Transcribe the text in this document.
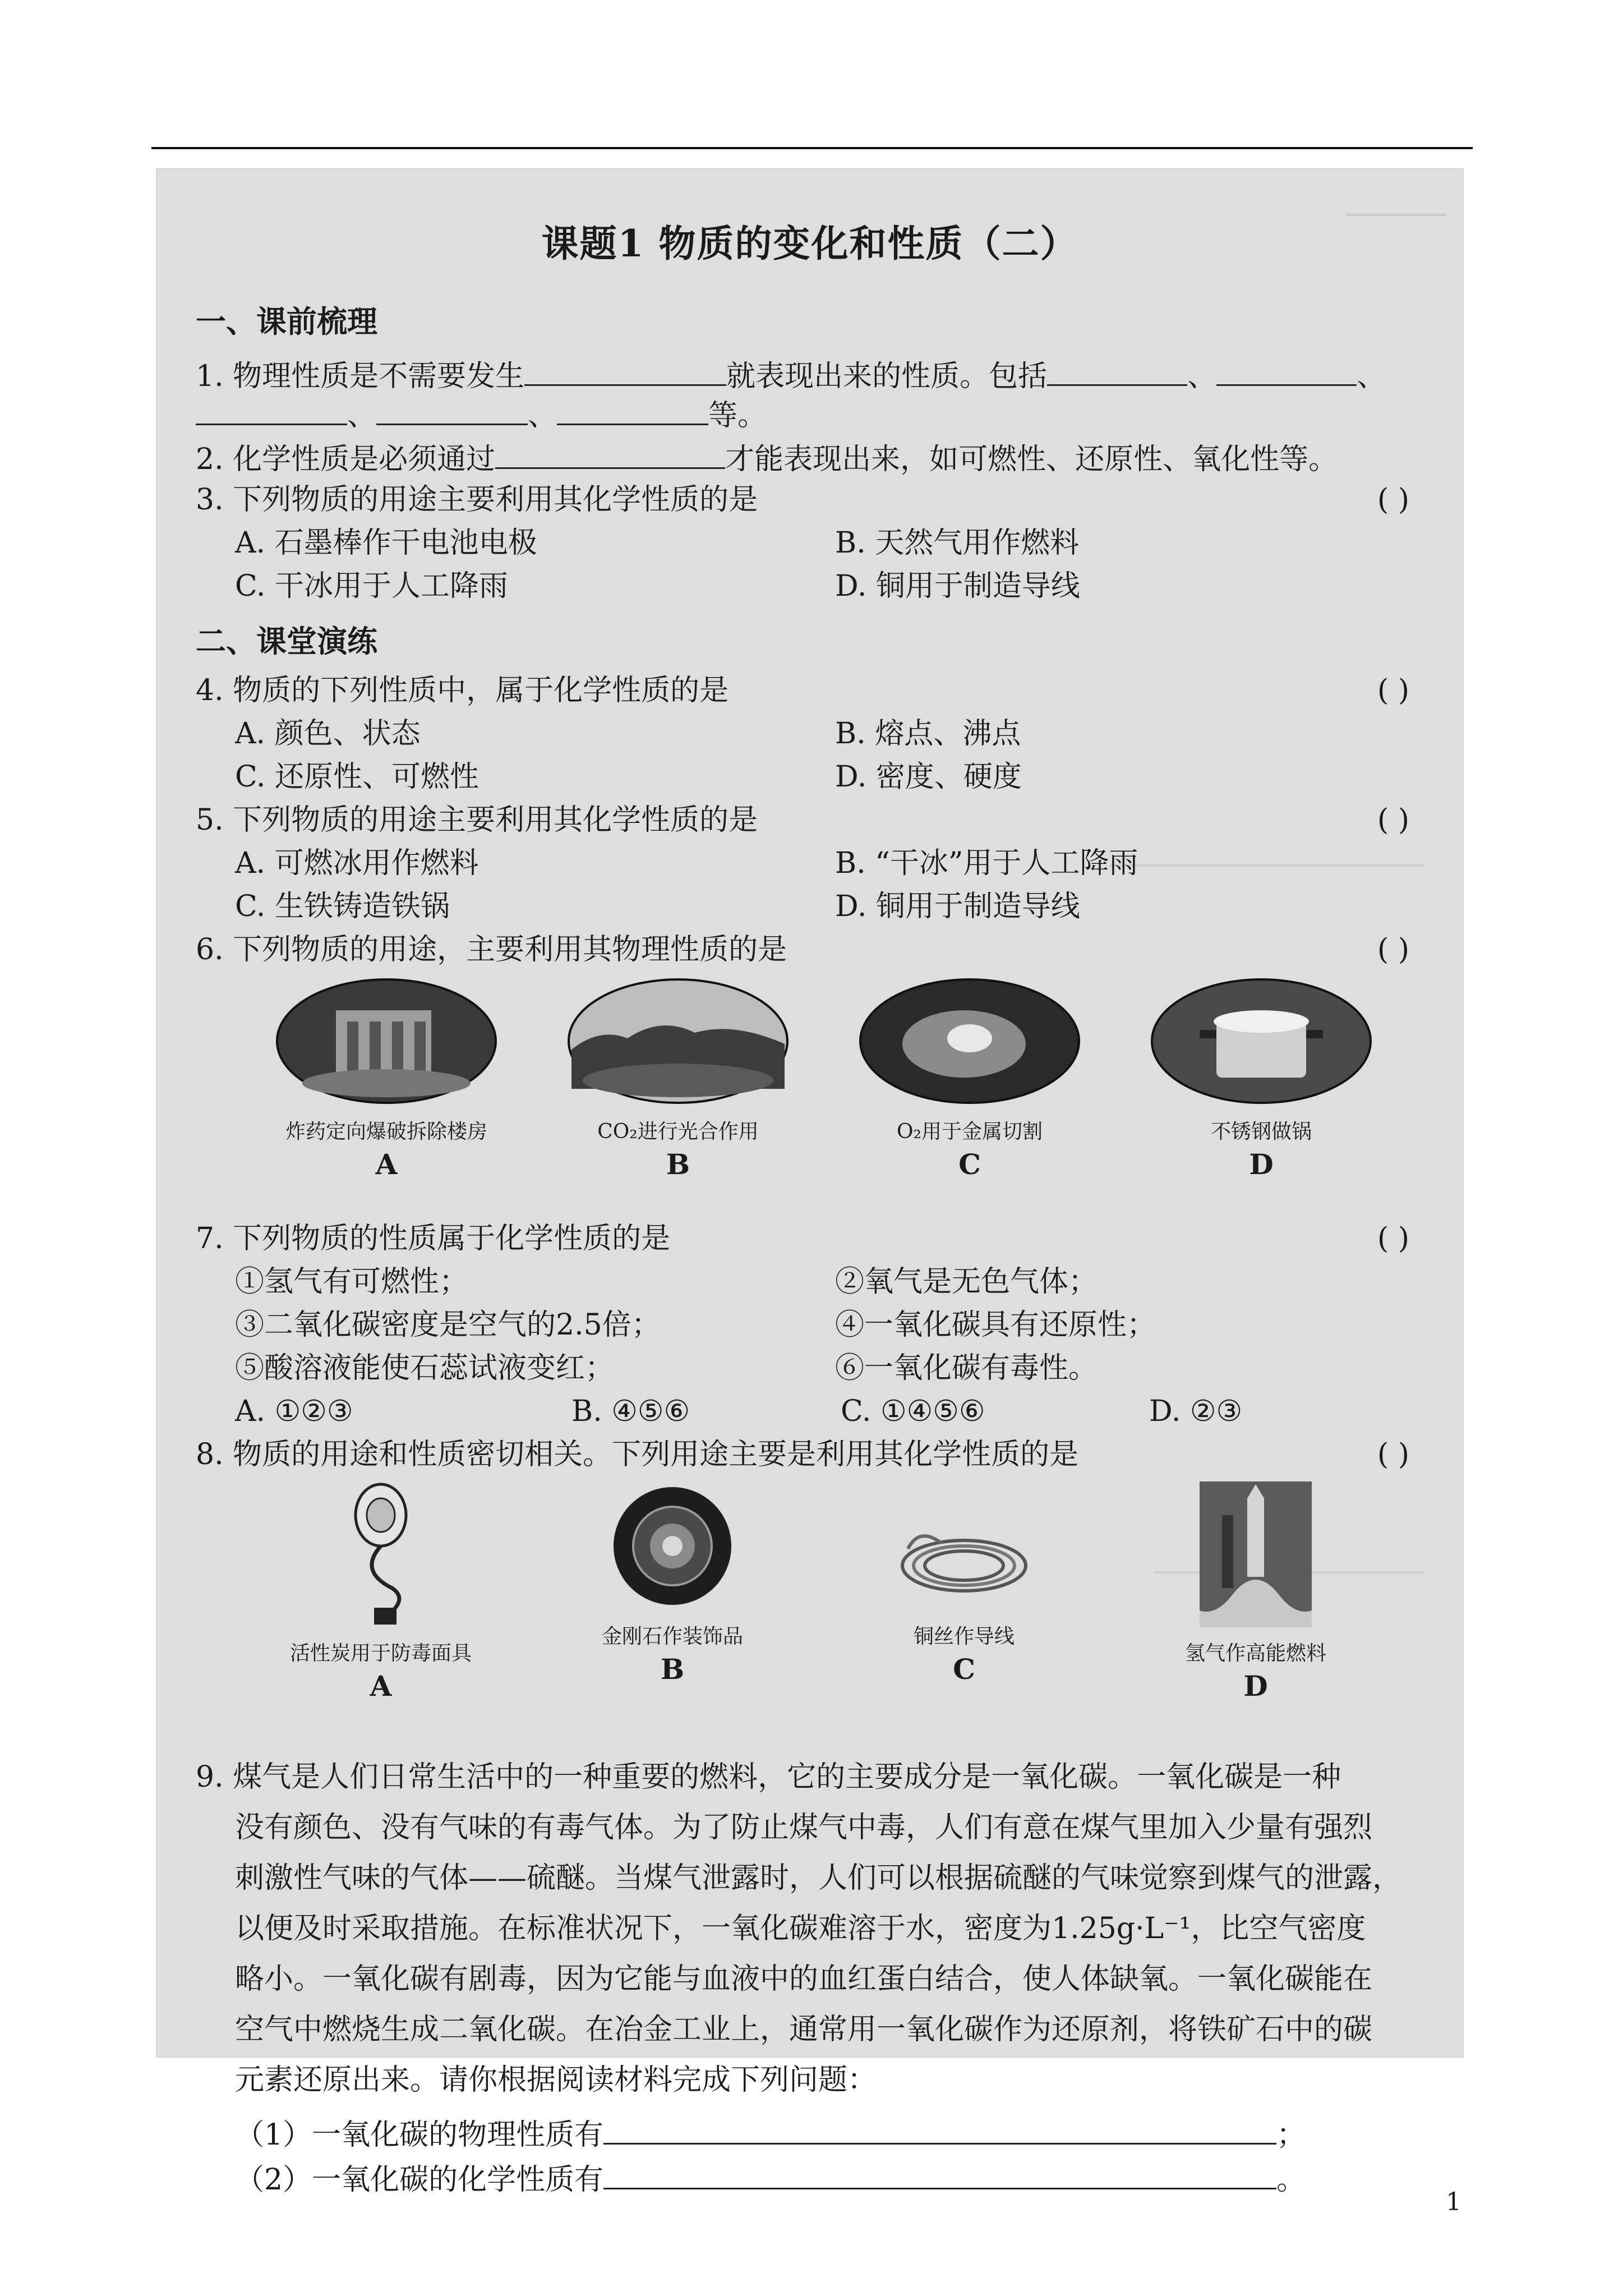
课题1 物质的变化和性质（二）
一、课前梳理
1. 物理性质是不需要发生	就表现出来的性质。包括	、	、
、	、	等。
2. 化学性质是必须通过	才能表现出来，如可燃性、还原性、氧化性等。
3. 下列物质的用途主要利用其化学性质的是	( )
A. 石墨棒作干电池电极	B. 天然气用作燃料
C. 干冰用于人工降雨	D. 铜用于制造导线
二、课堂演练
4. 物质的下列性质中，属于化学性质的是	( )
A. 颜色、状态	B. 熔点、沸点
C. 还原性、可燃性	D. 密度、硬度
5. 下列物质的用途主要利用其化学性质的是	( )
A. 可燃冰用作燃料	B. “干冰”用于人工降雨
C. 生铁铸造铁锅	D. 铜用于制造导线
6. 下列物质的用途，主要利用其物理性质的是	( )
炸药定向爆破拆除楼房
A
CO₂进行光合作用
B
O₂用于金属切割
C
不锈钢做锅
D
7. 下列物质的性质属于化学性质的是	( )
①氢气有可燃性；	②氧气是无色气体；
③二氧化碳密度是空气的2.5倍；	④一氧化碳具有还原性；
⑤酸溶液能使石蕊试液变红；	⑥一氧化碳有毒性。
A. ①②③	B. ④⑤⑥	C. ①④⑤⑥	D. ②③
8. 物质的用途和性质密切相关。下列用途主要是利用其化学性质的是	( )
活性炭用于防毒面具
A
金刚石作装饰品
B
铜丝作导线
C	氢气作高能燃料
D

9. 煤气是人们日常生活中的一种重要的燃料，它的主要成分是一氧化碳。一氧化碳是一种

没有颜色、没有气味的有毒气体。为了防止煤气中毒，人们有意在煤气里加入少量有强烈

刺激性气味的气体——硫醚。当煤气泄露时，人们可以根据硫醚的气味觉察到煤气的泄露，

以便及时采取措施。在标准状况下，一氧化碳难溶于水，密度为1.25g·L⁻¹，比空气密度

略小。一氧化碳有剧毒，因为它能与血液中的血红蛋白结合，使人体缺氧。一氧化碳能在

空气中燃烧生成二氧化碳。在冶金工业上，通常用一氧化碳作为还原剂，将铁矿石中的碳

元素还原出来。请你根据阅读材料完成下列问题：

（1）一氧化碳的物理性质有	；
（2）一氧化碳的化学性质有	。
1
